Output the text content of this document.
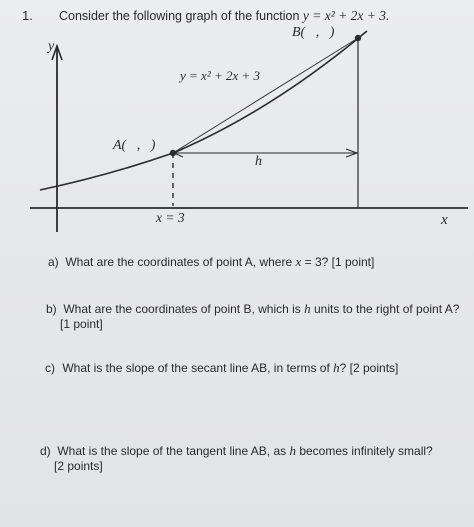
1. Consider the following graph of the function y = x² + 2x + 3.
y
x
y = x² + 2x + 3
A(   ,   )
B(   ,   )
x = 3
h
a) What are the coordinates of point A, where x = 3? [1 point]
b) What are the coordinates of point B, which is h units to the right of point A?
[1 point]
c) What is the slope of the secant line AB, in terms of h? [2 points]
d) What is the slope of the tangent line AB, as h becomes infinitely small?
[2 points]
